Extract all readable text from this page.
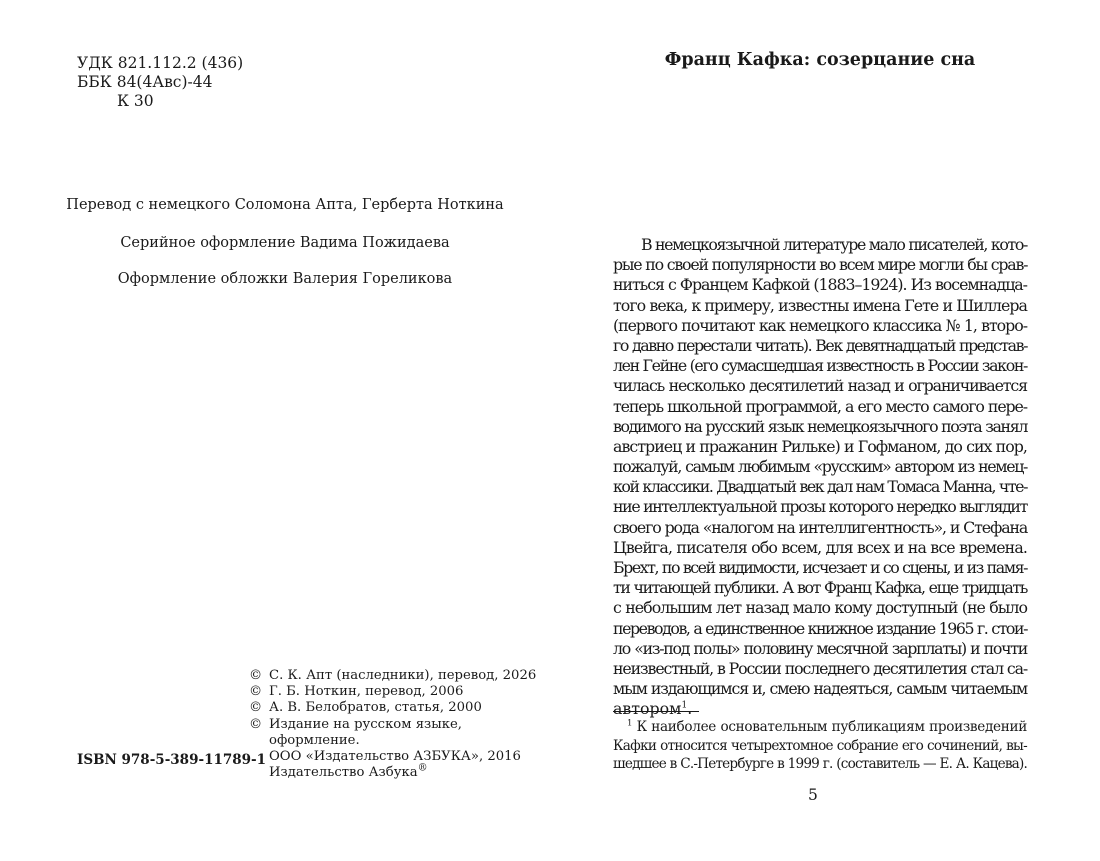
УДК 821.112.2 (436)
ББК 84(4Авс)-44
К 30
Перевод с немецкого Соломона Апта, Герберта Ноткина
Серийное оформление Вадима Пожидаева
Оформление обложки Валерия Гореликова
© С. К. Апт (наследники), перевод, 2026
© Г. Б. Ноткин, перевод, 2006
© А. В. Белобратов, статья, 2000
© Издание на русском языке,
оформление.
ООО «Издательство АЗБУКА», 2016
Издательство Азбука®
ISBN 978-5-389-11789-1
Франц Кафка: созерцание сна
В немецкоязычной литературе мало писателей, кото-
рые по своей популярности во всем мире могли бы срав-
ниться с Францем Кафкой (1883–1924). Из восемнадца-
того века, к примеру, известны имена Гете и Шиллера
(первого почитают как немецкого классика № 1, второ-
го давно перестали читать). Век девятнадцатый представ-
лен Гейне (его сумасшедшая известность в России закон-
чилась несколько десятилетий назад и ограничивается
теперь школьной программой, а его место самого пере-
водимого на русский язык немецкоязычного поэта занял
австриец и пражанин Рильке) и Гофманом, до сих пор,
пожалуй, самым любимым «русским» автором из немец-
кой классики. Двадцатый век дал нам Томаса Манна, чте-
ние интеллектуальной прозы которого нередко выглядит
своего рода «налогом на интеллигентность», и Стефана
Цвейга, писателя обо всем, для всех и на все времена.
Брехт, по всей видимости, исчезает и со сцены, и из памя-
ти читающей публики. А вот Франц Кафка, еще тридцать
с небольшим лет назад мало кому доступный (не было
переводов, а единственное книжное издание 1965 г. стои-
ло «из-под полы» половину месячной зарплаты) и почти
неизвестный, в России последнего десятилетия стал са-
мым издающимся и, смею надеяться, самым читаемым
автором$^1$.
$^1$ К наиболее основательным публикациям произведений
Кафки относится четырехтомное собрание его сочинений, вы-
шедшее в С.-Петербурге в 1999 г. (составитель — Е. А. Кацева).
5
